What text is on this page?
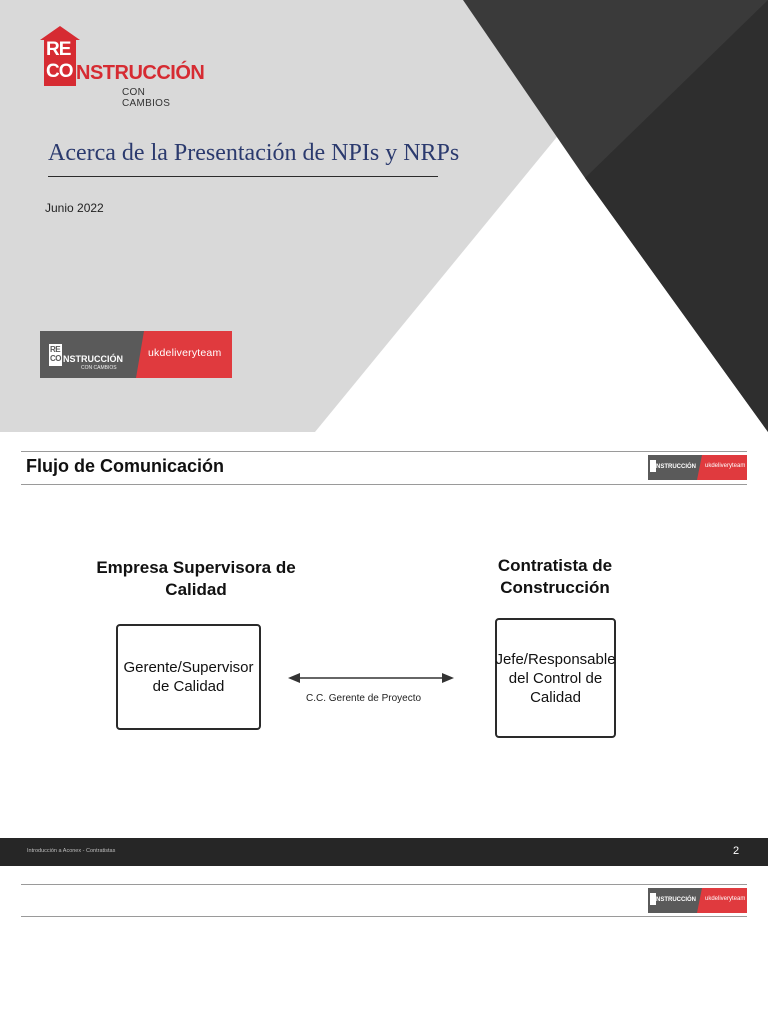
RE
CO NSTRUCCIÓN
CON CAMBIOS
Acerca de la Presentación de NPIs y NRPs
Junio 2022
RE
CO NSTRUCCIÓN
CON CAMBIOS
ukdeliveryteam
Flujo de Comunicación	NSTRUCCIÓN ukdeliveryteam
Empresa Supervisora de Calidad
Contratista de Construcción
Gerente/Supervisor de Calidad
Jefe/Responsable del Control de Calidad
C.C. Gerente de Proyecto
Introducción a Aconex - Contratistas	2
NSTRUCCIÓN ukdeliveryteam
